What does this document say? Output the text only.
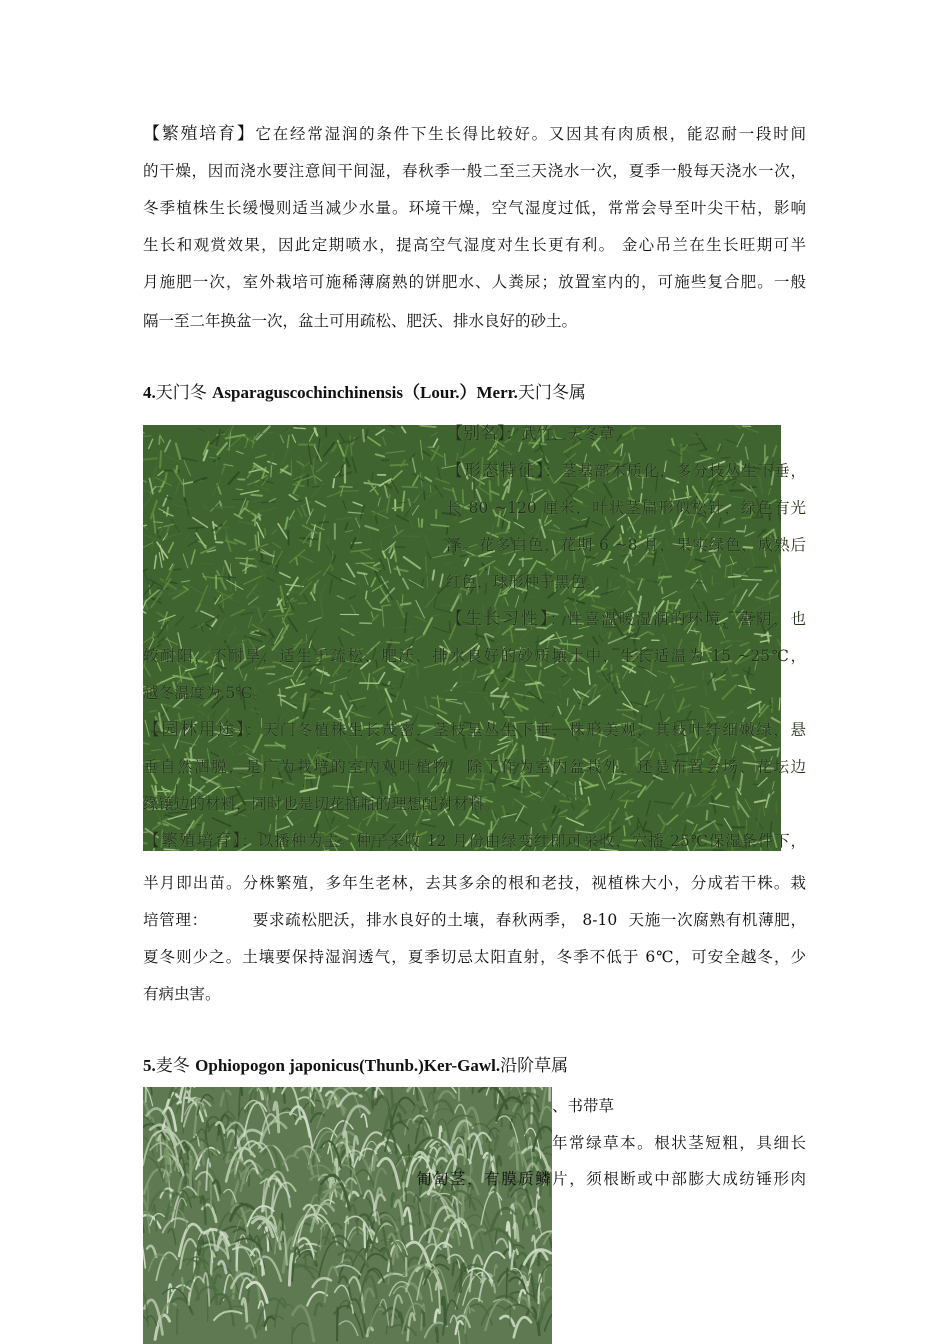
【繁殖培育】它在经常湿润的条件下生长得比较好。又因其有肉质根，能忍耐一段时间
的干燥，因而浇水要注意间干间湿，春秋季一般二至三天浇水一次，夏季一般每天浇水一次，
冬季植株生长缓慢则适当减少水量。环境干燥，空气湿度过低，常常会导至叶尖干枯，影响
生长和观赏效果，因此定期喷水，提高空气湿度对生长更有利。 金心吊兰在生长旺期可半
月施肥一次，室外栽培可施稀薄腐熟的饼肥水、人粪尿；放置室内的，可施些复合肥。一般
隔一至二年换盆一次，盆土可用疏松、肥沃、排水良好的砂土。
4.天门冬 Asparaguscochinchinensis（Lour.）Merr.天门冬属
【别名】：武竹、天冬草
【形态特征】：茎基部木质化，多分枝丛生下垂，
长 80 ~120 厘米，叶状茎扁形似松针，绿色有光
泽。花多白色，花期 6 ~8 月，果实绿色，成熟后
红色，球形种子黑色。
【生长习性】：性喜温暖湿润的环境，喜阴，也
较耐阳，不耐旱，适生于疏松、肥沃、排水良好的砂质壤土中，生长适温为 15 ~25℃，
越冬温度为 5℃。
【园林用途】：天门冬植株生长茂密，茎枝呈丛生下垂，株形美观，其枝叶纤细嫩绿，悬
垂自然洒脱，是广为栽培的室内观叶植物。除了作为室内盆栽外，还是布置会场、花坛边
缘镶边的材料，同时也是切花插瓶的理想配衬材料。
【繁殖培育】：以播种为主。种子采收 12 月份由绿变红即可采收，穴播 25℃保湿条件下，
半月即出苗。分株繁殖，多年生老林，去其多余的根和老技，视植株大小，分成若干株。栽
培管理：        要求疏松肥沃，排水良好的土壤，春秋两季， 8-10  天施一次腐熟有机薄肥，
夏冬则少之。土壤要保持湿润透气，夏季切忌太阳直射，冬季不低于 6℃，可安全越冬，少
有病虫害。
5.麦冬 Ophiopogon japonicus(Thunb.)Ker-Gawl.沿阶草属
、书带草
年常绿草本。根状茎短粗，具细长
匍匐茎，有膜质鳞片，须根断或中部膨大成纺锤形肉
